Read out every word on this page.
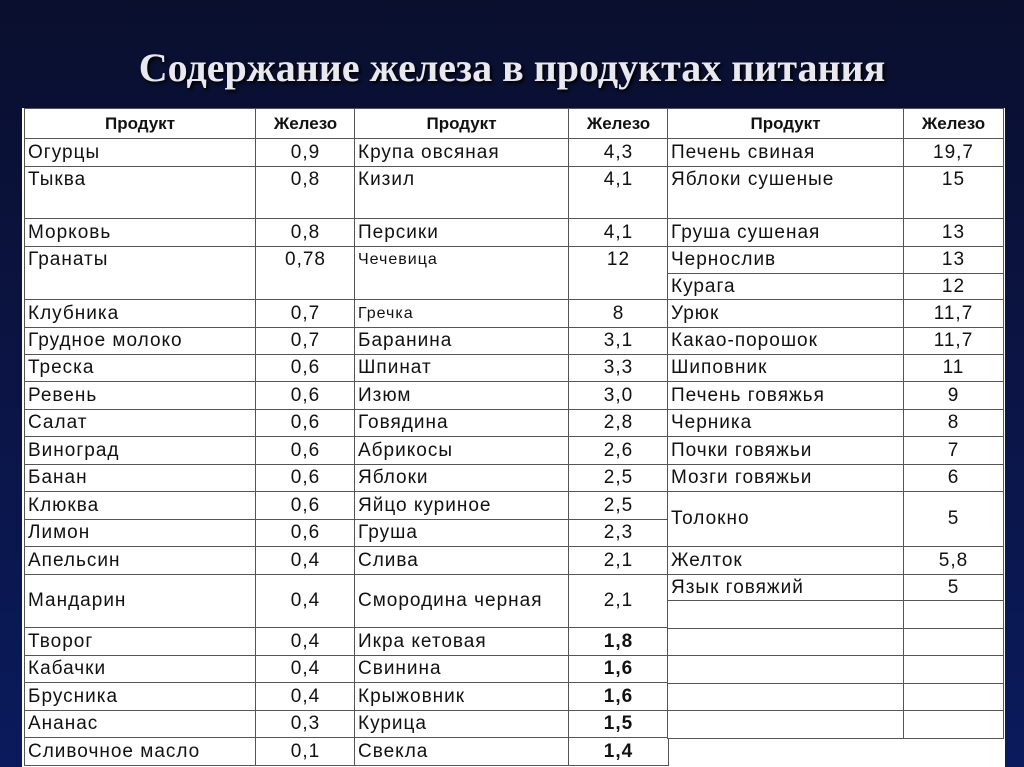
Содержание железа в продуктах питания
Продукт	Железо
Огурцы	0,9
Тыква	0,8
Морковь	0,8
Гранаты	0,78
Клубника	0,7
Грудное молоко	0,7
Треска	0,6
Ревень	0,6
Салат	0,6
Виноград	0,6
Банан	0,6
Клюква	0,6
Лимон	0,6
Апельсин	0,4
Мандарин	0,4
Творог	0,4
Кабачки	0,4
Брусника	0,4
Ананас	0,3
Сливочное масло	0,1
Продукт	Железо
Крупа овсяная	4,3
Кизил	4,1
Персики	4,1
Чечевица	12
Гречка	8
Баранина	3,1
Шпинат	3,3
Изюм	3,0
Говядина	2,8
Абрикосы	2,6
Яблоки	2,5
Яйцо куриное	2,5
Груша	2,3
Слива	2,1
Смородина черная	2,1
Икра кетовая	1,8
Свинина	1,6
Крыжовник	1,6
Курица	1,5
Свекла	1,4
Продукт	Железо
Печень свиная	19,7
Яблоки сушеные	15
Груша сушеная	13
Чернослив	13
Курага	12
Урюк	11,7
Какао-порошок	11,7
Шиповник	11
Печень говяжья	9
Черника	8
Почки говяжьи	7
Мозги говяжьи	6
Толокно	5
Желток	5,8
Язык говяжий	5
